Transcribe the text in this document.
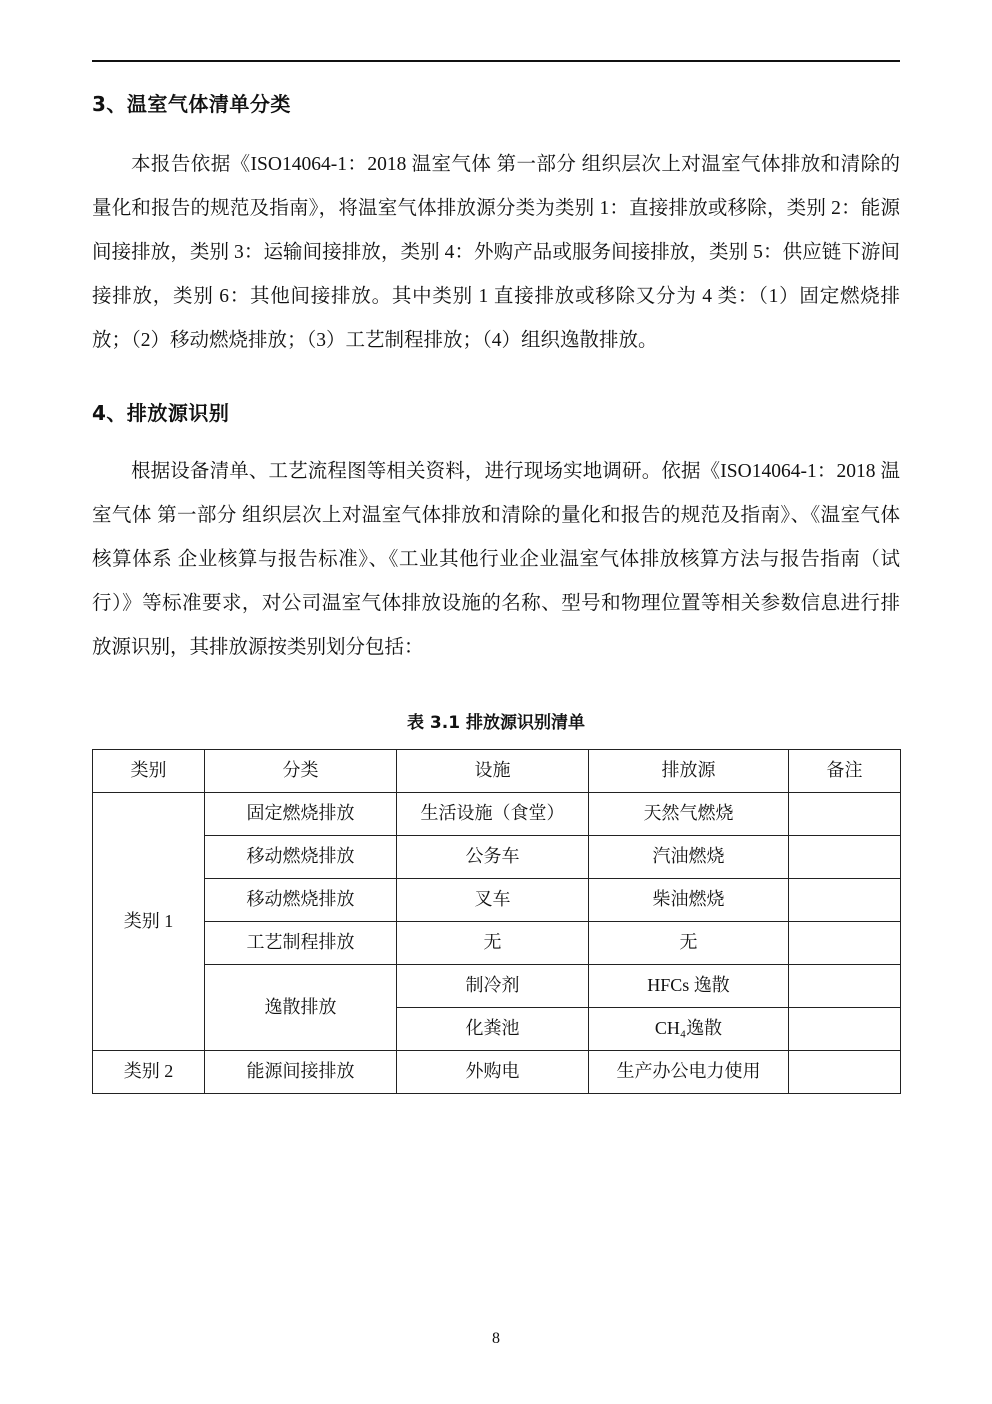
3、温室气体清单分类

本报告依据《ISO14064-1：2018 温室气体 第一部分 组织层次上对温室气体排放和清除的量化和报告的规范及指南》，将温室气体排放源分类为类别 1：直接排放或移除，类别 2：能源间接排放，类别 3：运输间接排放，类别 4：外购产品或服务间接排放，类别 5：供应链下游间接排放，类别 6：其他间接排放。其中类别 1 直接排放或移除又分为 4 类：（1）固定燃烧排放；（2）移动燃烧排放；（3）工艺制程排放；（4）组织逸散排放。

4、排放源识别

根据设备清单、工艺流程图等相关资料，进行现场实地调研。依据《ISO14064-1：2018 温室气体 第一部分 组织层次上对温室气体排放和清除的量化和报告的规范及指南》、《温室气体核算体系 企业核算与报告标准》、《工业其他行业企业温室气体排放核算方法与报告指南（试行）》等标准要求，对公司温室气体排放设施的名称、型号和物理位置等相关参数信息进行排放源识别，其排放源按类别划分包括：

表 3.1 排放源识别清单
类别	分类	设施	排放源	备注
类别 1	固定燃烧排放	生活设施（食堂）	天然气燃烧	
	移动燃烧排放	公务车	汽油燃烧	
	移动燃烧排放	叉车	柴油燃烧	
	工艺制程排放	无	无	
	逸散排放	制冷剂	HFCs 逸散	
		化粪池	CH₄逸散	
类别 2	能源间接排放	外购电	生产办公电力使用	
8
